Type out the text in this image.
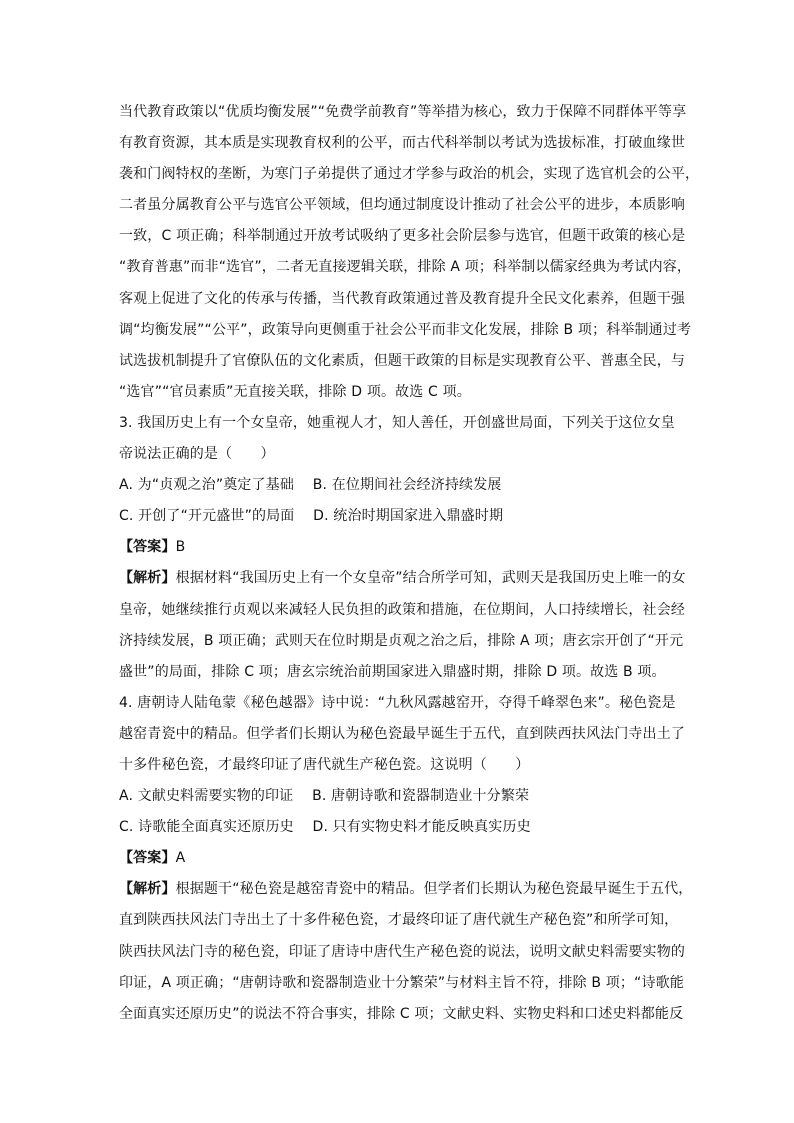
当代教育政策以“优质均衡发展”“免费学前教育”等举措为核心，致力于保障不同群体平等享
有教育资源，其本质是实现教育权利的公平，而古代科举制以考试为选拔标准，打破血缘世
袭和门阀特权的垄断，为寒门子弟提供了通过才学参与政治的机会，实现了选官机会的公平，
二者虽分属教育公平与选官公平领域，但均通过制度设计推动了社会公平的进步，本质影响
一致，C 项正确；科举制通过开放考试吸纳了更多社会阶层参与选官，但题干政策的核心是
“教育普惠”而非“选官”，二者无直接逻辑关联，排除 A 项；科举制以儒家经典为考试内容，
客观上促进了文化的传承与传播，当代教育政策通过普及教育提升全民文化素养，但题干强
调“均衡发展”“公平”，政策导向更侧重于社会公平而非文化发展，排除 B 项；科举制通过考
试选拔机制提升了官僚队伍的文化素质，但题干政策的目标是实现教育公平、普惠全民，与
“选官”“官员素质”无直接关联，排除 D 项。故选 C 项。
3. 我国历史上有一个女皇帝，她重视人才，知人善任，开创盛世局面，下列关于这位女皇
帝说法正确的是（　　）
A. 为“贞观之治”奠定了基础　 B. 在位期间社会经济持续发展
C. 开创了“开元盛世”的局面　 D. 统治时期国家进入鼎盛时期
【答案】B
【解析】根据材料“我国历史上有一个女皇帝”结合所学可知，武则天是我国历史上唯一的女
皇帝，她继续推行贞观以来减轻人民负担的政策和措施，在位期间，人口持续增长，社会经
济持续发展，B 项正确；武则天在位时期是贞观之治之后，排除 A 项；唐玄宗开创了“开元
盛世”的局面，排除 C 项；唐玄宗统治前期国家进入鼎盛时期，排除 D 项。故选 B 项。
4. 唐朝诗人陆龟蒙《秘色越器》诗中说：“九秋风露越窑开，夺得千峰翠色来”。秘色瓷是
越窑青瓷中的精品。但学者们长期认为秘色瓷最早诞生于五代，直到陕西扶风法门寺出土了
十多件秘色瓷，才最终印证了唐代就生产秘色瓷。这说明（　　）
A. 文献史料需要实物的印证　 B. 唐朝诗歌和瓷器制造业十分繁荣
C. 诗歌能全面真实还原历史　 D. 只有实物史料才能反映真实历史
【答案】A
【解析】根据题干“秘色瓷是越窑青瓷中的精品。但学者们长期认为秘色瓷最早诞生于五代，
直到陕西扶风法门寺出土了十多件秘色瓷，才最终印证了唐代就生产秘色瓷”和所学可知，
陕西扶风法门寺的秘色瓷，印证了唐诗中唐代生产秘色瓷的说法，说明文献史料需要实物的
印证，A 项正确；“唐朝诗歌和瓷器制造业十分繁荣”与材料主旨不符，排除 B 项；“诗歌能
全面真实还原历史”的说法不符合事实，排除 C 项；文献史料、实物史料和口述史料都能反
